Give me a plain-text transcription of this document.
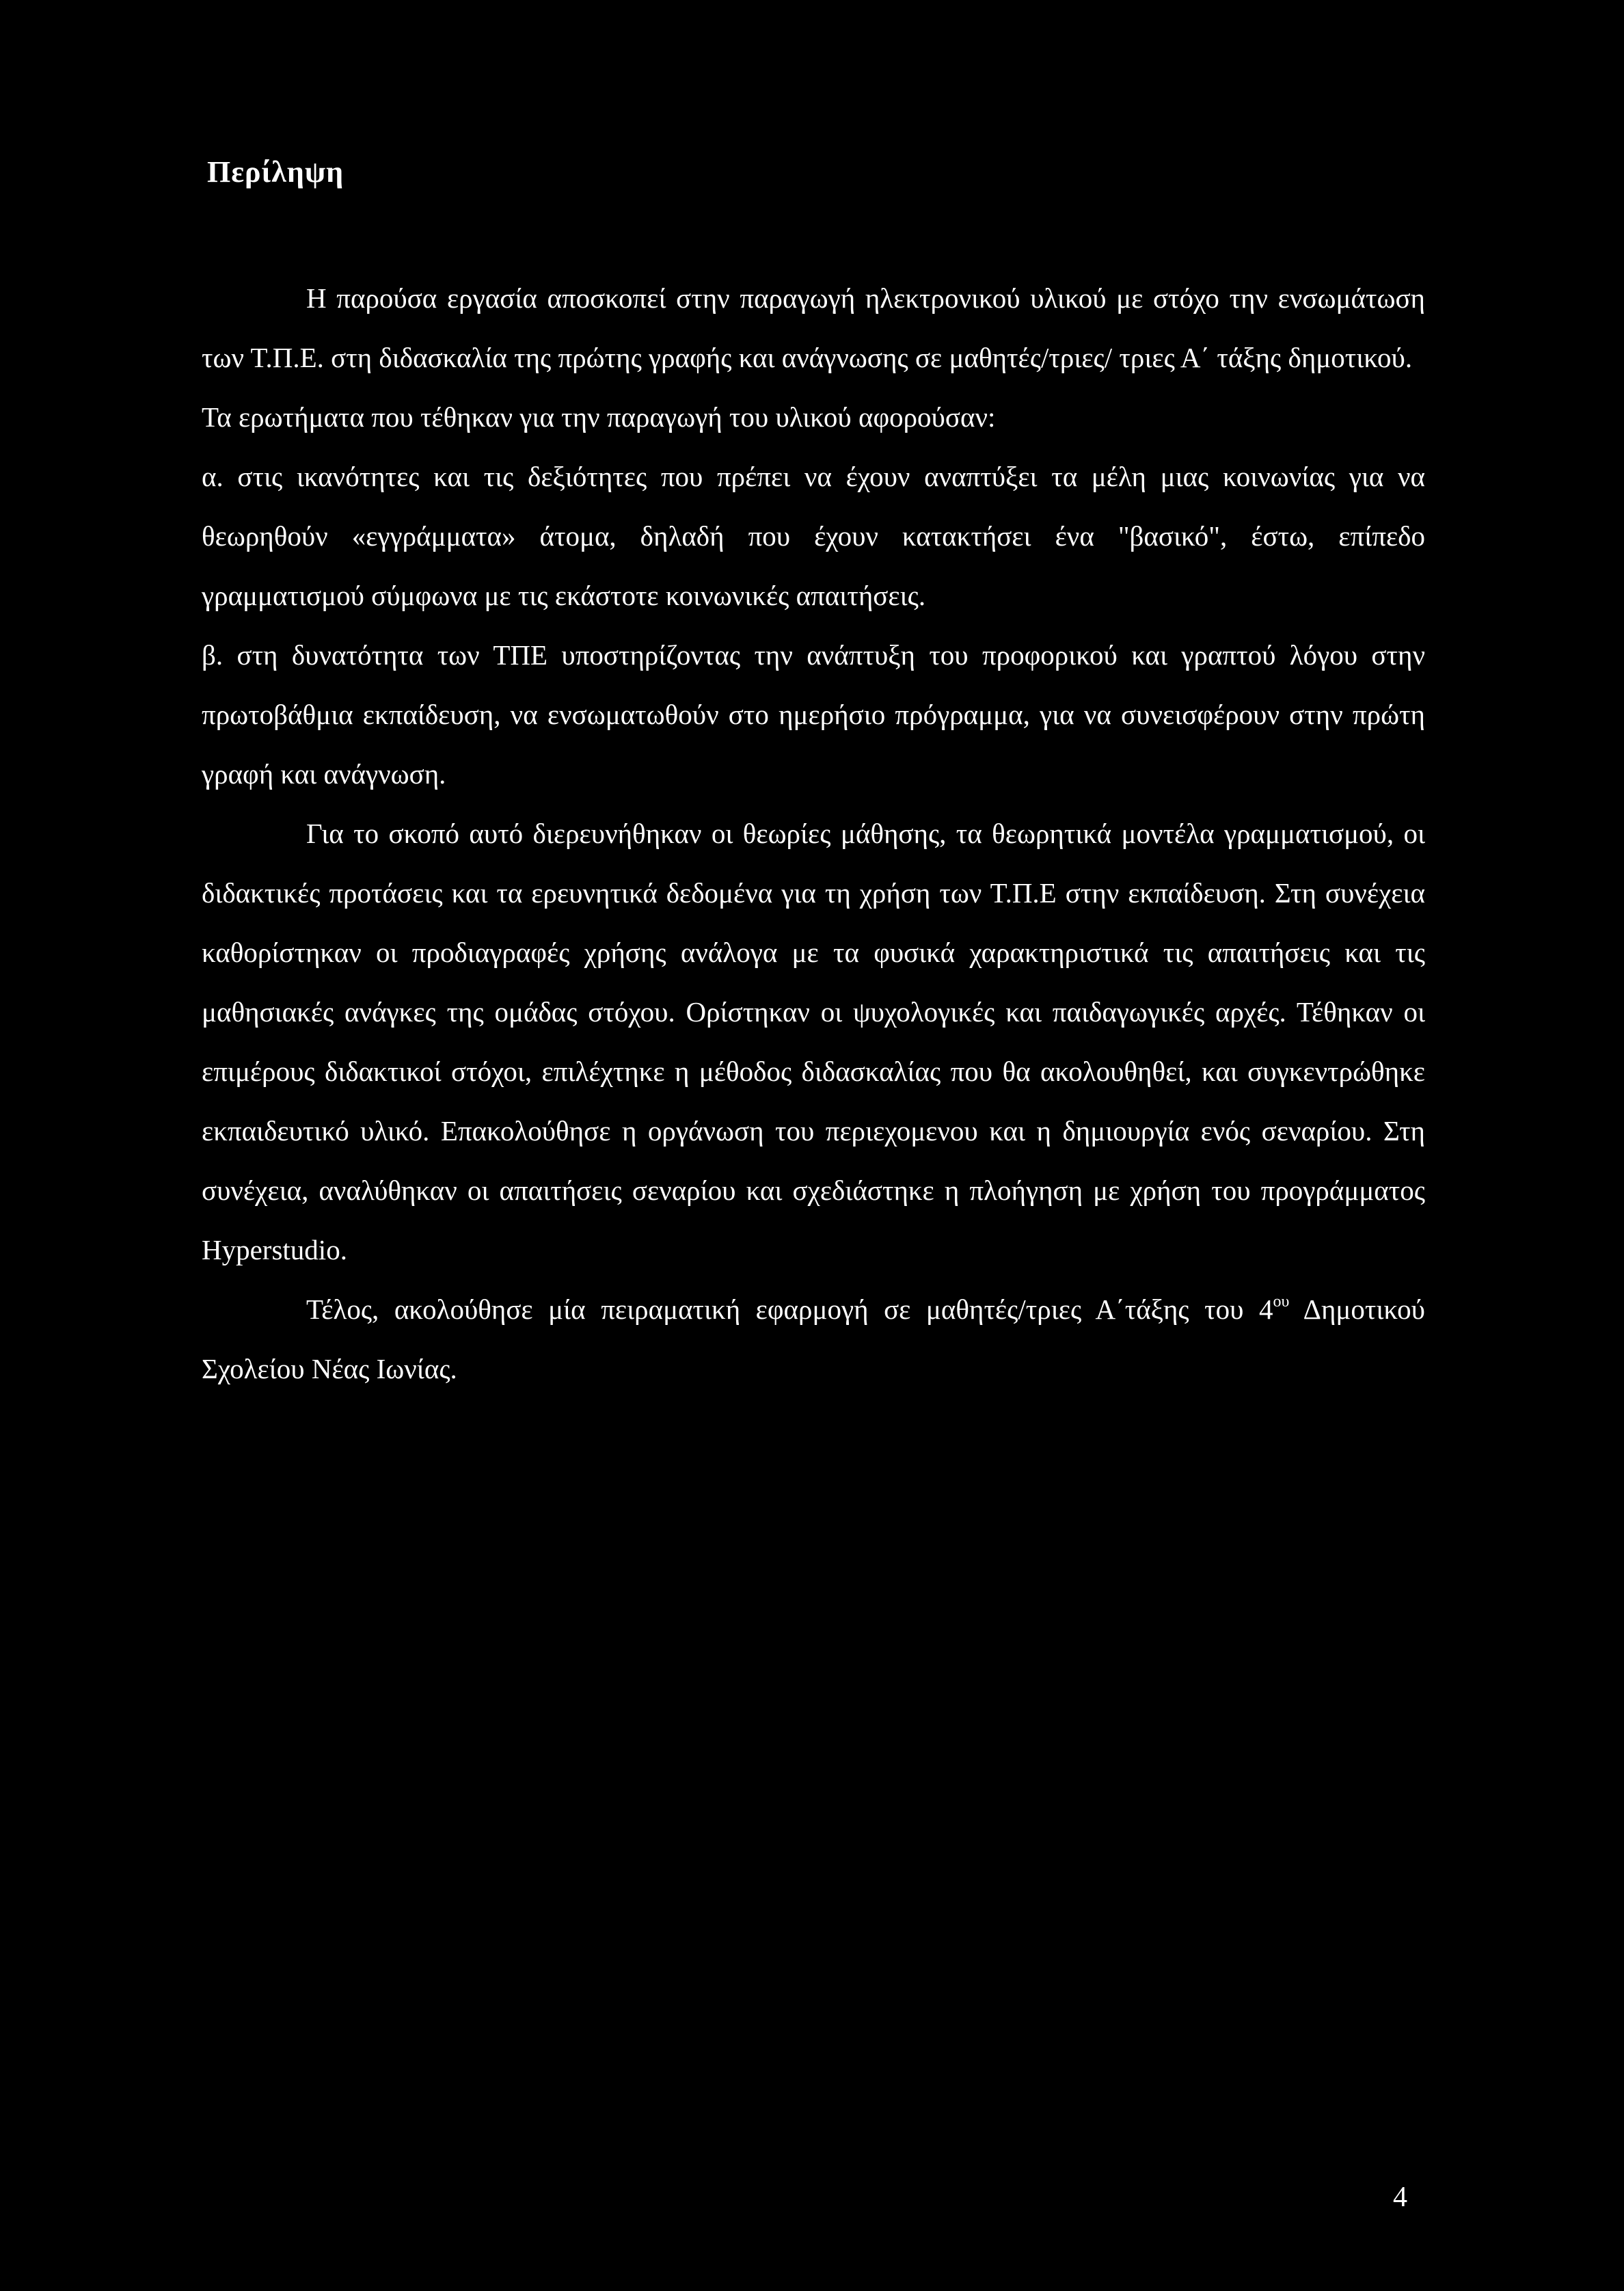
Περίληψη

Η παρούσα εργασία αποσκοπεί στην παραγωγή ηλεκτρονικού υλικού με στόχο την ενσωμάτωση των Τ.Π.Ε. στη διδασκαλία της πρώτης γραφής και ανάγνωσης σε μαθητές/τριες/ τριες Α΄ τάξης δημοτικού.

Τα ερωτήματα που τέθηκαν για την παραγωγή του υλικού αφορούσαν:

α. στις ικανότητες και τις δεξιότητες που πρέπει να έχουν αναπτύξει τα μέλη μιας κοινωνίας για να θεωρηθούν «εγγράμματα» άτομα, δηλαδή που έχουν κατακτήσει ένα "βασικό", έστω, επίπεδο γραμματισμού σύμφωνα με τις εκάστοτε κοινωνικές απαιτήσεις.

β. στη δυνατότητα των ΤΠΕ υποστηρίζοντας την ανάπτυξη του προφορικού και γραπτού λόγου στην πρωτοβάθμια εκπαίδευση, να ενσωματωθούν στο ημερήσιο πρόγραμμα, για να συνεισφέρουν στην πρώτη γραφή και ανάγνωση.

Για το σκοπό αυτό διερευνήθηκαν οι θεωρίες μάθησης, τα θεωρητικά μοντέλα γραμματισμού, οι διδακτικές προτάσεις και τα ερευνητικά δεδομένα για τη χρήση των Τ.Π.Ε στην εκπαίδευση. Στη συνέχεια καθορίστηκαν οι προδιαγραφές χρήσης ανάλογα με τα φυσικά χαρακτηριστικά τις απαιτήσεις και τις μαθησιακές ανάγκες της ομάδας στόχου. Ορίστηκαν οι ψυχολογικές και παιδαγωγικές αρχές. Τέθηκαν οι επιμέρους διδακτικοί στόχοι, επιλέχτηκε η μέθοδος διδασκαλίας που θα ακολουθηθεί, και συγκεντρώθηκε εκπαιδευτικό υλικό. Επακολούθησε η οργάνωση του περιεχομενου και η δημιουργία ενός σεναρίου. Στη συνέχεια, αναλύθηκαν οι απαιτήσεις σεναρίου και σχεδιάστηκε η πλοήγηση με χρήση του προγράμματος Hyperstudio.

Τέλος, ακολούθησε μία πειραματική εφαρμογή σε μαθητές/τριες Α΄τάξης του $4^{o\upsilon}$ Δημοτικού Σχολείου Νέας Ιωνίας.

4
